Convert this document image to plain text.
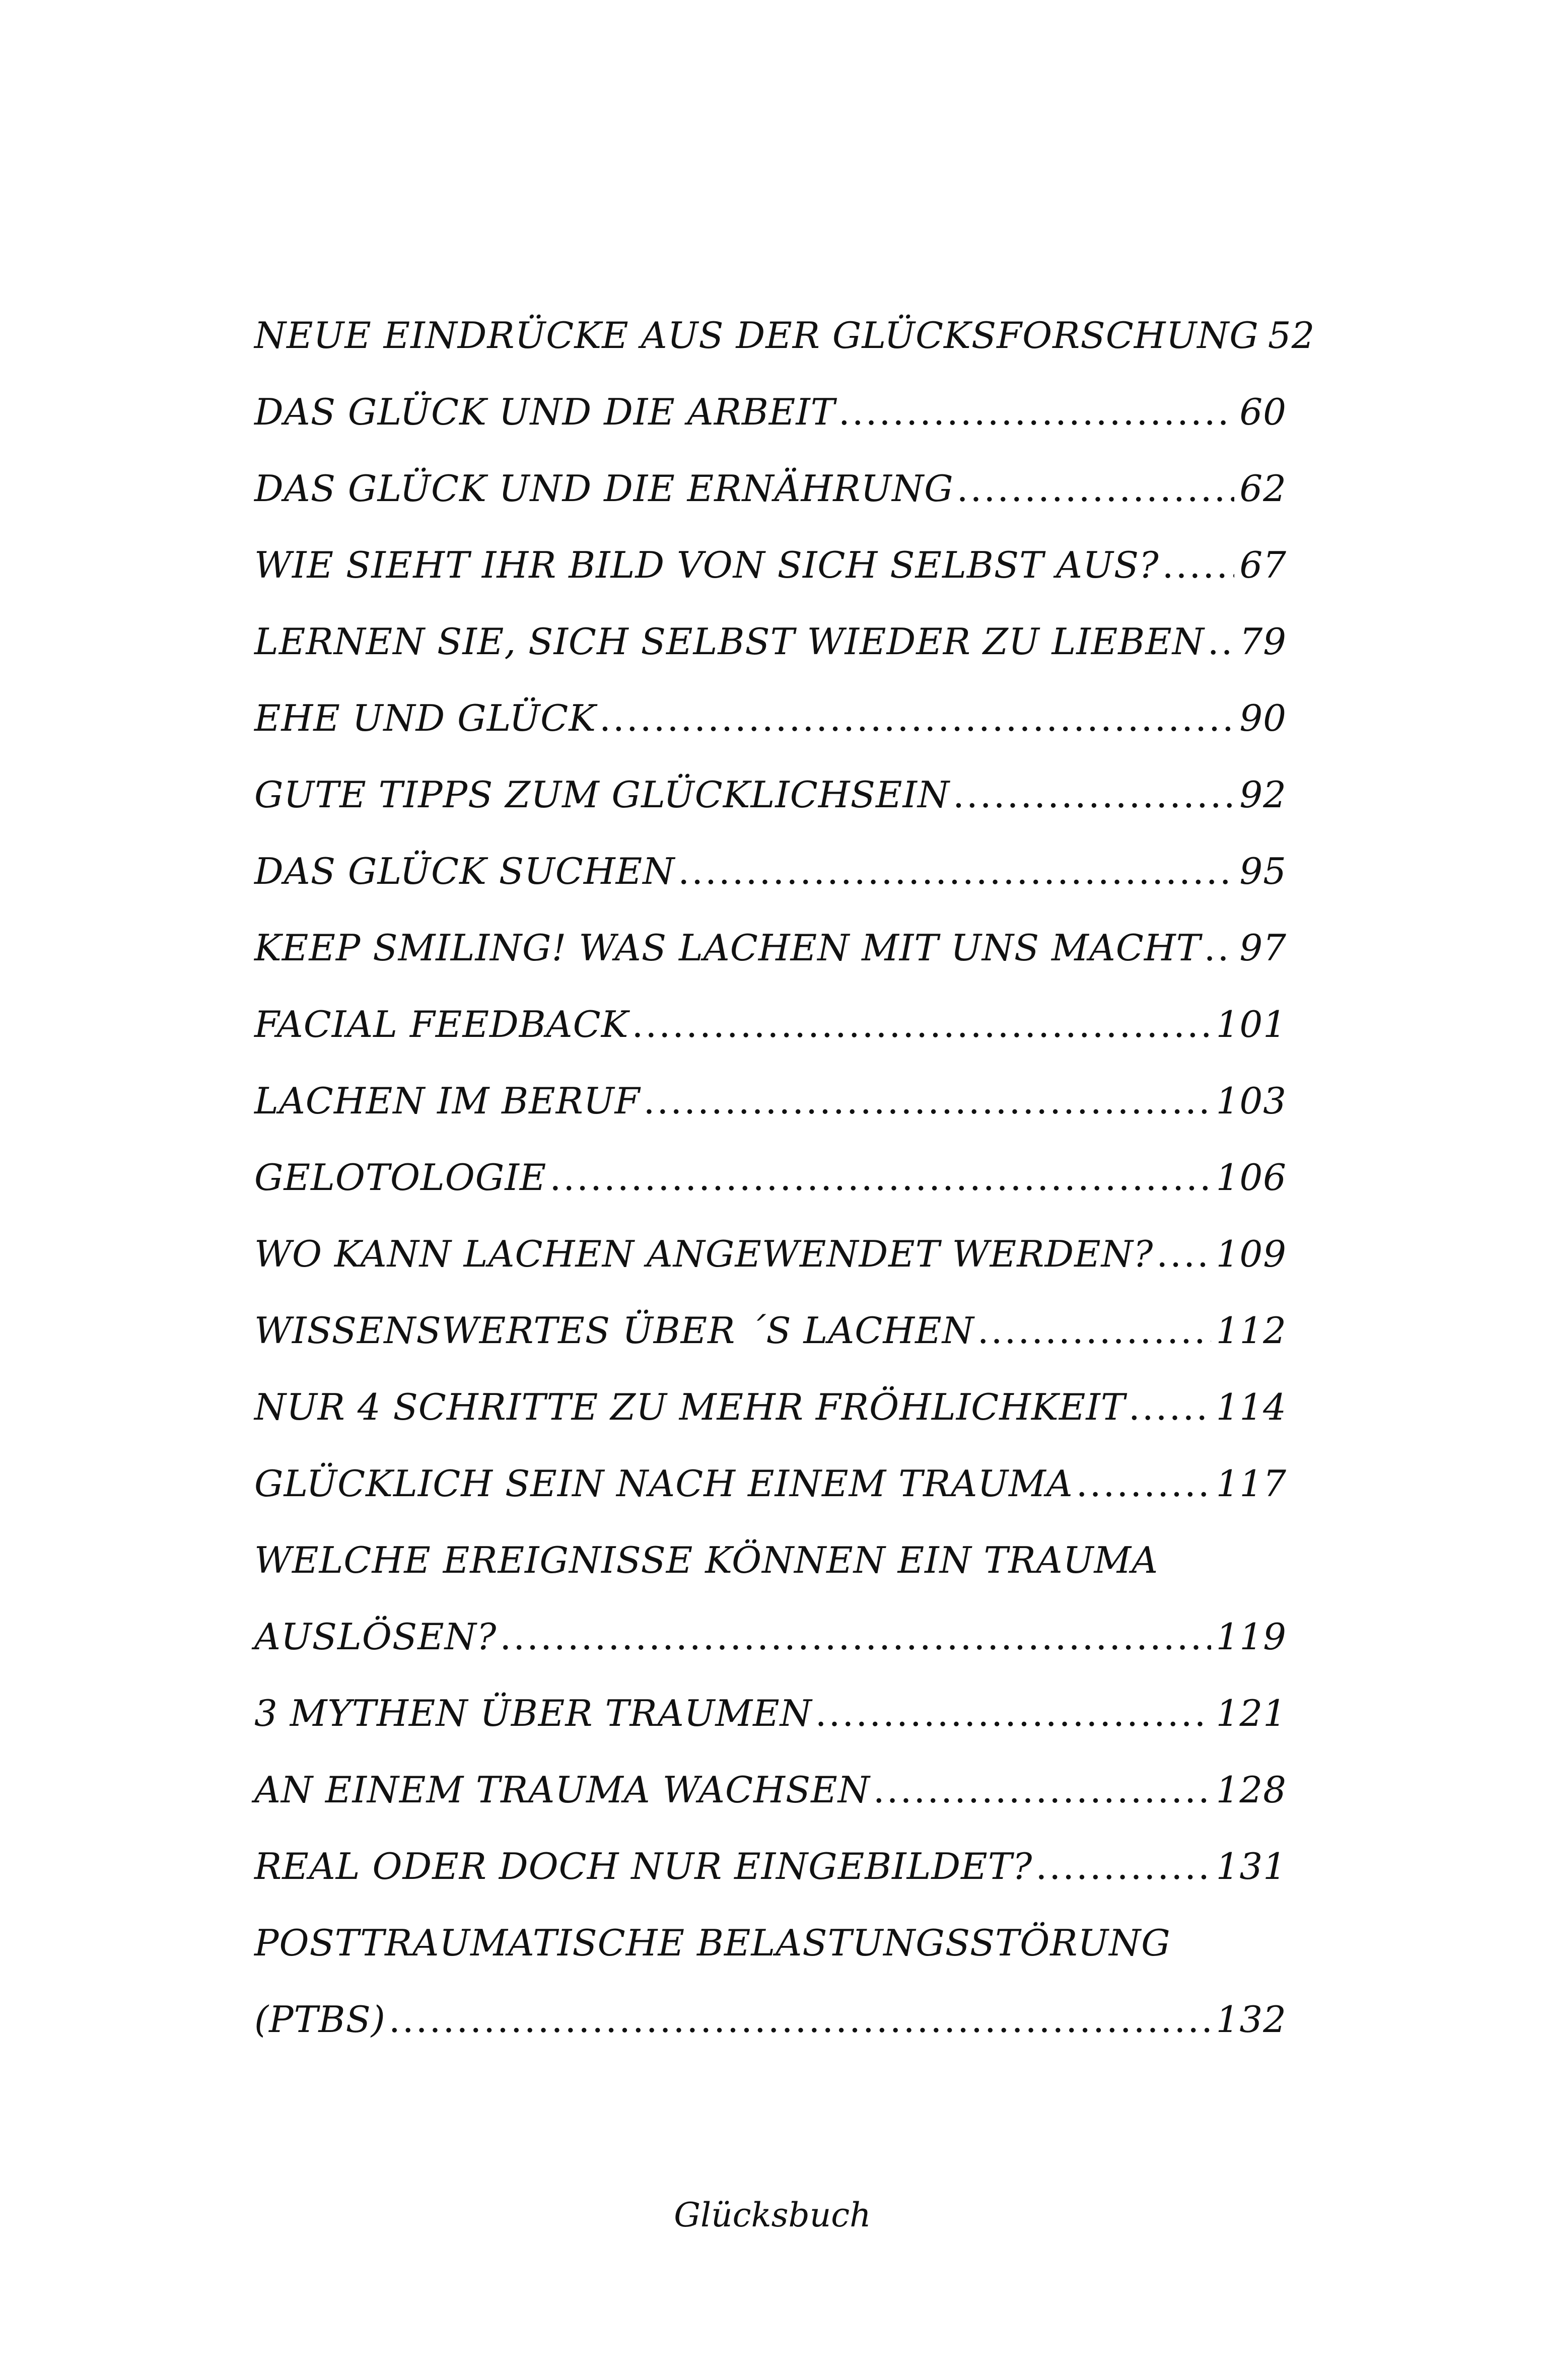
NEUE EINDRÜCKE AUS DER GLÜCKSFORSCHUNG 52
DAS GLÜCK UND DIE ARBEIT .....	60
DAS GLÜCK UND DIE ERNÄHRUNG .....	62
WIE SIEHT IHR BILD VON SICH SELBST AUS? ..... 67
LERNEN SIE, SICH SELBST WIEDER ZU LIEBEN ..... 79
EHE UND GLÜCK .....	90
GUTE TIPPS ZUM GLÜCKLICHSEIN .....	92
DAS GLÜCK SUCHEN .....	95
KEEP SMILING! WAS LACHEN MIT UNS MACHT ..... 97
FACIAL FEEDBACK .....	101
LACHEN IM BERUF .....	103
GELOTOLOGIE .....	106
WO KANN LACHEN ANGEWENDET WERDEN? ..... 109
WISSENSWERTES ÜBER ´S LACHEN .....	112
NUR 4 SCHRITTE ZU MEHR FRÖHLICHKEIT ..... 114
GLÜCKLICH SEIN NACH EINEM TRAUMA .....	117
WELCHE EREIGNISSE KÖNNEN EIN TRAUMA
AUSLÖSEN? .....	119
3 MYTHEN ÜBER TRAUMEN .....	121
AN EINEM TRAUMA WACHSEN .....	128
REAL ODER DOCH NUR EINGEBILDET? .....	131
POSTTRAUMATISCHE BELASTUNGSSTÖRUNG
(PTBS) .....	132
Glücksbuch
